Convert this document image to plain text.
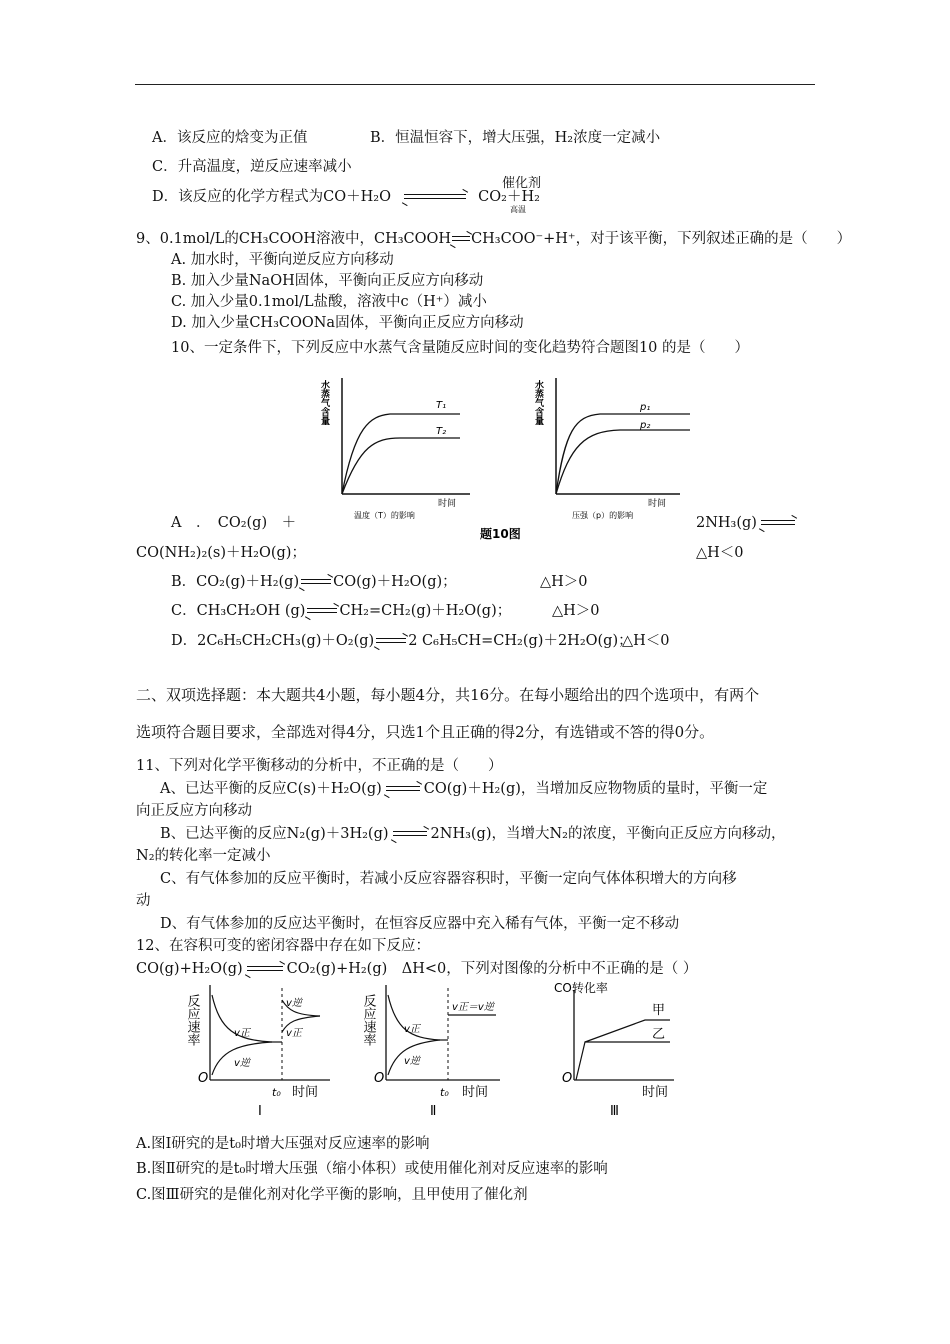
A．该反应的焓变为正值	B．恒温恒容下，增大压强，H₂浓度一定减小
C．升高温度，逆反应速率减小
D．该反应的化学方程式为CO＋H₂O	CO₂＋H₂
催化剂
高温
9、0.1mol/L的CH₃COOH溶液中，CH₃COOH CH₃COO⁻+H⁺，对于该平衡，下列叙述正确的是（　　）
A. 加水时，平衡向逆反应方向移动
B. 加入少量NaOH固体，平衡向正反应方向移动
C. 加入少量0.1mol/L盐酸，溶液中c（H⁺）减小
D. 加入少量CH₃COONa固体，平衡向正反应方向移动
10、一定条件下，下列反应中水蒸气含量随反应时间的变化趋势符合题图10 的是（　　）
水蒸气含量	T₁
T₂
时间
温度（T）的影响
水蒸气含量	p₁
p₂
时间
压强（p）的影响
题10图
A　．　CO₂(g)　＋	2NH₃(g) →
CO(NH₂)₂(s)＋H₂O(g)；	△H＜0
B．CO₂(g)＋H₂(g) → CO(g)＋H₂O(g)；	△H＞0
C．CH₃CH₂OH (g) → CH₂=CH₂(g)＋H₂O(g)；	△H＞0
D．2C₆H₅CH₂CH₃(g)＋O₂(g) → 2 C₆H₅CH=CH₂(g)＋2H₂O(g)；
△H＜0
二、双项选择题：本大题共4小题，每小题4分，共16分。在每小题给出的四个选项中，有两个
选项符合题目要求，全部选对得4分，只选1个且正确的得2分，有选错或不答的得0分。
11、下列对化学平衡移动的分析中，不正确的是（　　）
A、已达平衡的反应C(s)＋H₂O(g) → CO(g)＋H₂(g)，当增加反应物物质的量时，平衡一定
向正反应方向移动
B、已达平衡的反应N₂(g)＋3H₂(g) → 2NH₃(g)，当增大N₂的浓度，平衡向正反应方向移动，
N₂的转化率一定减小
C、有气体参加的反应平衡时，若减小反应容器容积时，平衡一定向气体体积增大的方向移
动
D、有气体参加的反应达平衡时，在恒容反应器中充入稀有气体，平衡一定不移动
12、在容积可变的密闭容器中存在如下反应：
CO(g)+H₂O(g) → CO₂(g)+H₂(g)　ΔH<0，下列对图像的分析中不正确的是（ ）
反应速率
O
v正
v逆
v逆
v正
t₀ 时间
Ⅰ
反应速率
O
v正
v逆
v正＝v逆
t₀ 时间
Ⅱ
CO转化率
O
甲
乙
时间
Ⅲ
A.图Ⅰ研究的是t₀时增大压强对反应速率的影响
B.图Ⅱ研究的是t₀时增大压强（缩小体积）或使用催化剂对反应速率的影响
C.图Ⅲ研究的是催化剂对化学平衡的影响，且甲使用了催化剂
